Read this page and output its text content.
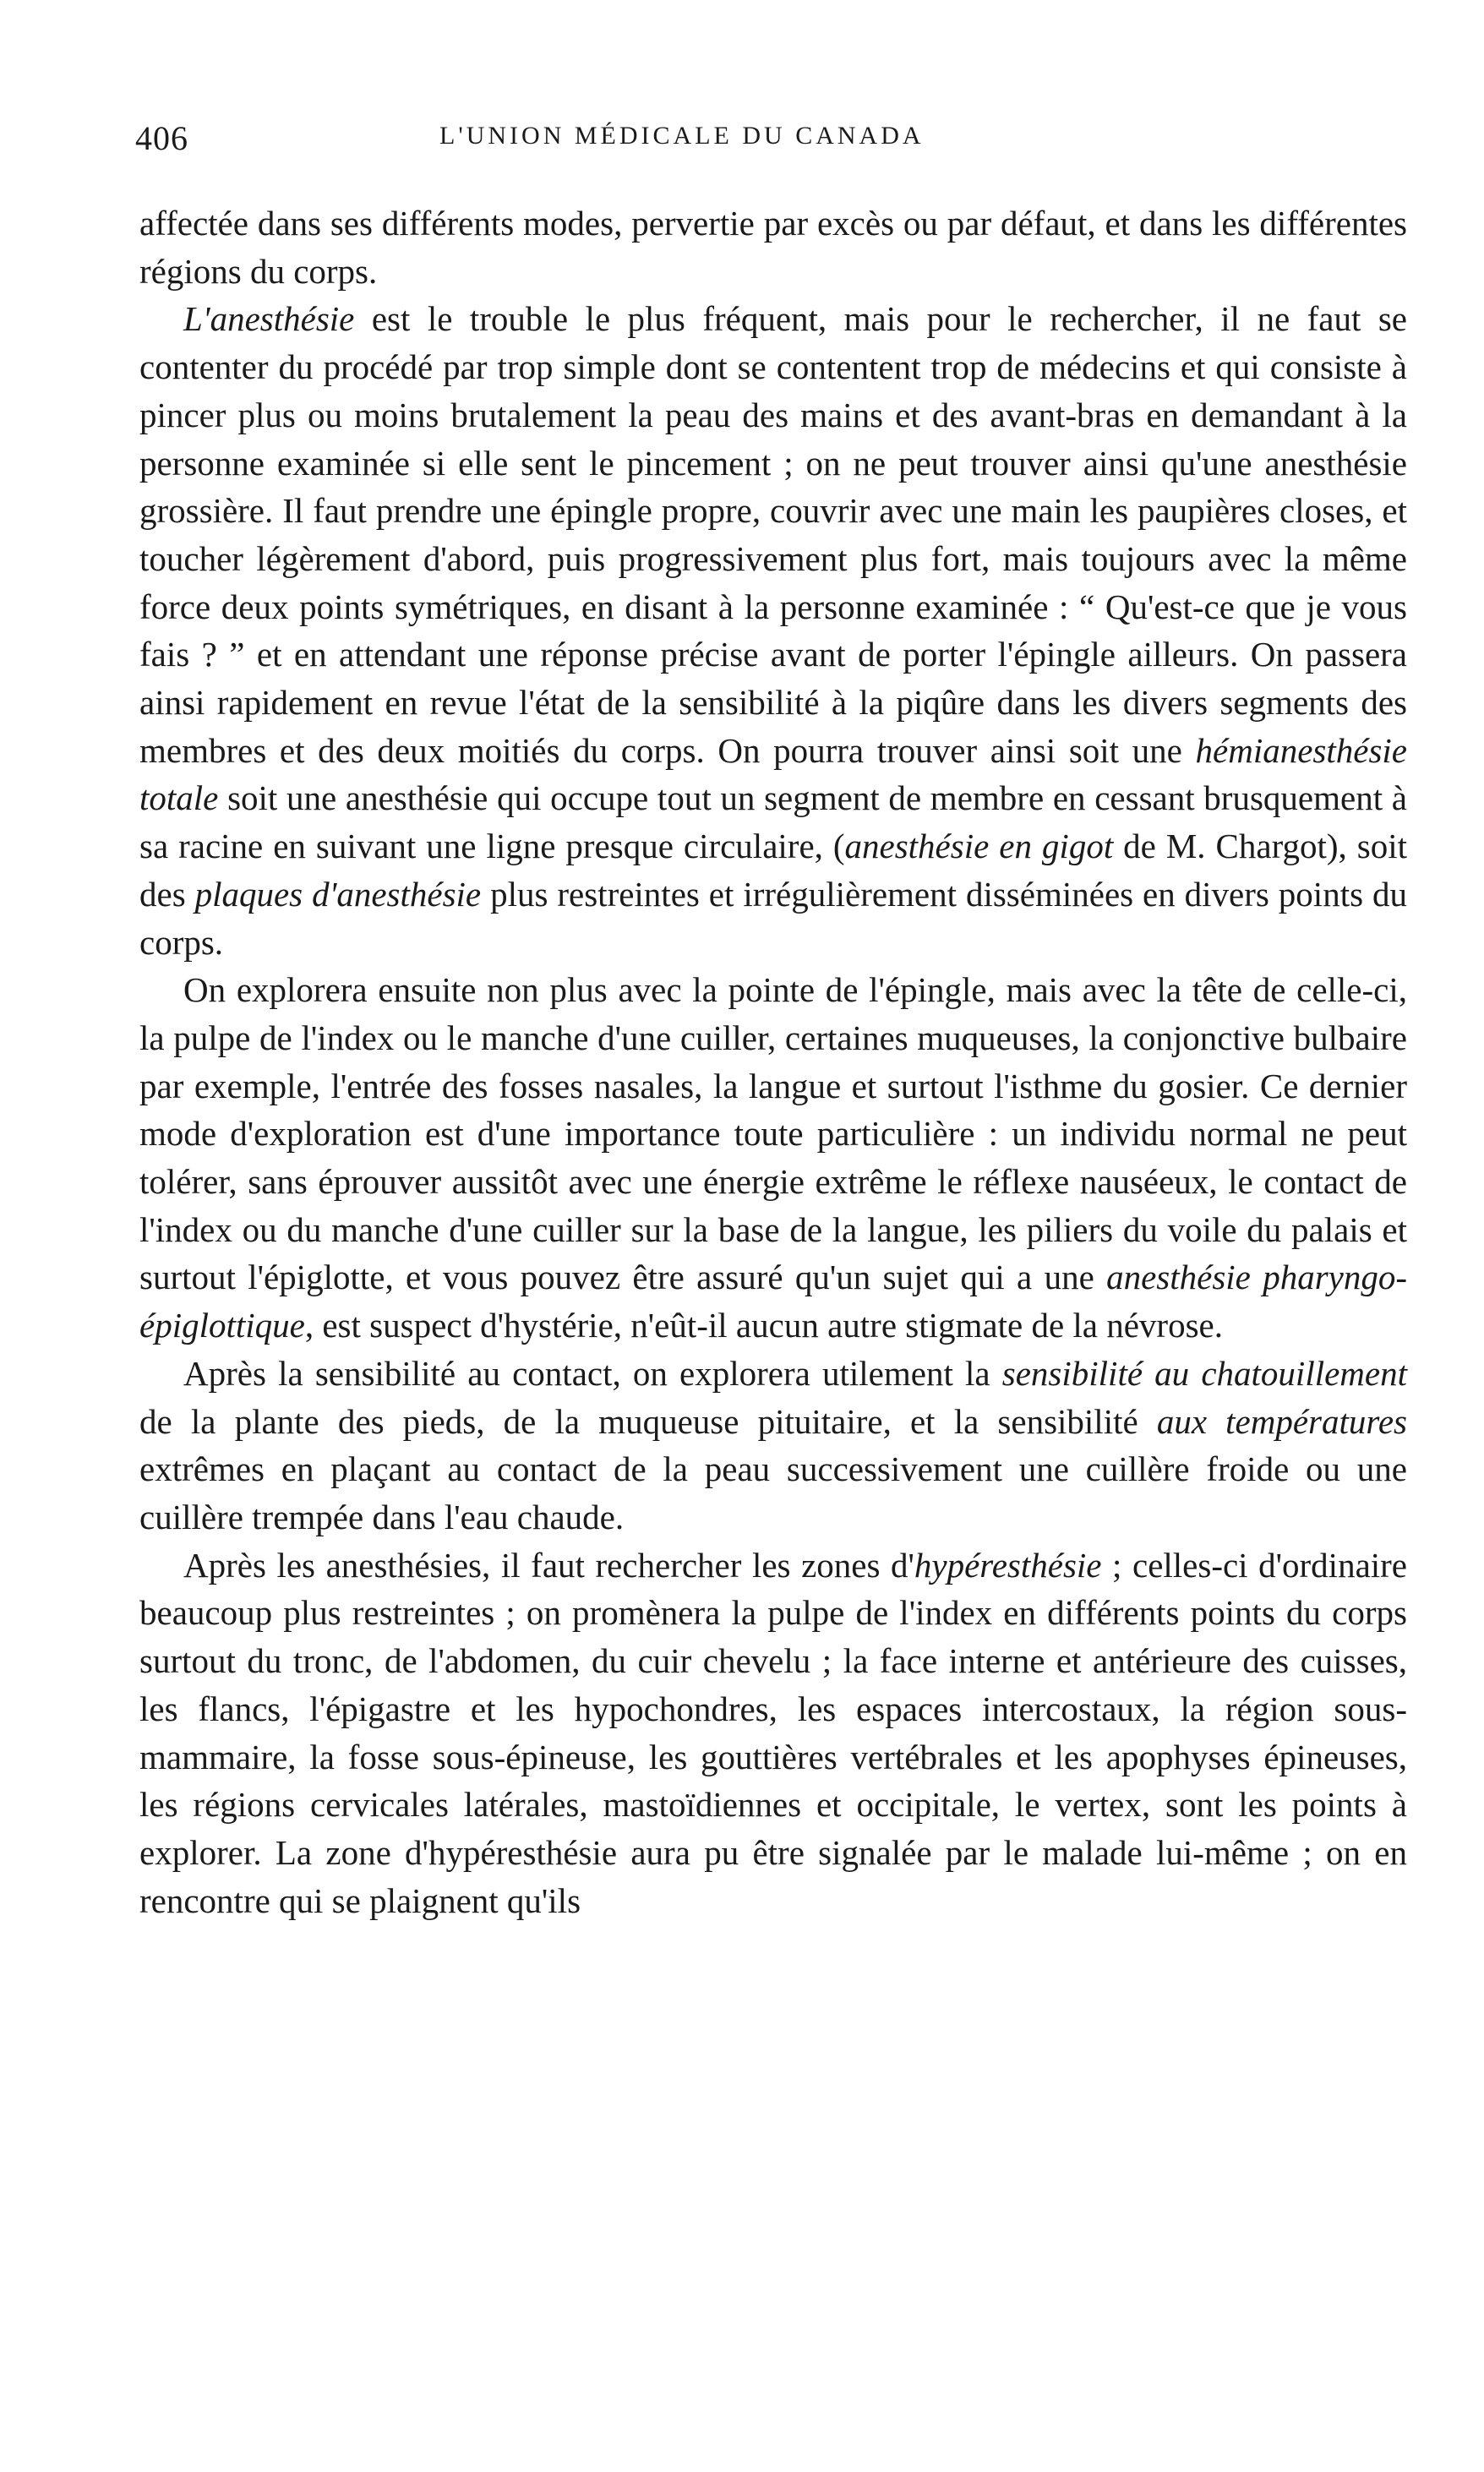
406	L'UNION MÉDICALE DU CANADA

affectée dans ses différents modes, pervertie par excès ou par défaut, et dans les différentes régions du corps.

L'anesthésie est le trouble le plus fréquent, mais pour le rechercher, il ne faut se contenter du procédé par trop simple dont se contentent trop de médecins et qui consiste à pincer plus ou moins brutalement la peau des mains et des avant-bras en demandant à la personne examinée si elle sent le pincement ; on ne peut trouver ainsi qu'une anesthésie grossière. Il faut prendre une épingle propre, couvrir avec une main les paupières closes, et toucher légèrement d'abord, puis progressivement plus fort, mais toujours avec la même force deux points symétriques, en disant à la personne examinée : “ Qu'est-ce que je vous fais ? ” et en attendant une réponse précise avant de porter l'épingle ailleurs. On passera ainsi rapidement en revue l'état de la sensibilité à la piqûre dans les divers segments des membres et des deux moitiés du corps. On pourra trouver ainsi soit une hémianesthésie totale soit une anesthésie qui occupe tout un segment de membre en cessant brusquement à sa racine en suivant une ligne presque circulaire, (anesthésie en gigot de M. Chargot), soit des plaques d'anesthésie plus restreintes et irrégulièrement disséminées en divers points du corps.

On explorera ensuite non plus avec la pointe de l'épingle, mais avec la tête de celle-ci, la pulpe de l'index ou le manche d'une cuiller, certaines muqueuses, la conjonctive bulbaire par exemple, l'entrée des fosses nasales, la langue et surtout l'isthme du gosier. Ce dernier mode d'exploration est d'une importance toute particulière : un individu normal ne peut tolérer, sans éprouver aussitôt avec une énergie extrême le réflexe nauséeux, le contact de l'index ou du manche d'une cuiller sur la base de la langue, les piliers du voile du palais et surtout l'épiglotte, et vous pouvez être assuré qu'un sujet qui a une anesthésie pharyngo-épiglottique, est suspect d'hystérie, n'eût-il aucun autre stigmate de la névrose.

Après la sensibilité au contact, on explorera utilement la sensibilité au chatouillement de la plante des pieds, de la muqueuse pituitaire, et la sensibilité aux températures extrêmes en plaçant au contact de la peau successivement une cuillère froide ou une cuillère trempée dans l'eau chaude.

Après les anesthésies, il faut rechercher les zones d'hypéresthésie ; celles-ci d'ordinaire beaucoup plus restreintes ; on promènera la pulpe de l'index en différents points du corps surtout du tronc, de l'abdomen, du cuir chevelu ; la face interne et antérieure des cuisses, les flancs, l'épigastre et les hypochondres, les espaces intercostaux, la région sous-mammaire, la fosse sous-épineuse, les gouttières vertébrales et les apophyses épineuses, les régions cervicales latérales, mastoïdiennes et occipitale, le vertex, sont les points à explorer. La zone d'hypéresthésie aura pu être signalée par le malade lui-même ; on en rencontre qui se plaignent qu'ils
